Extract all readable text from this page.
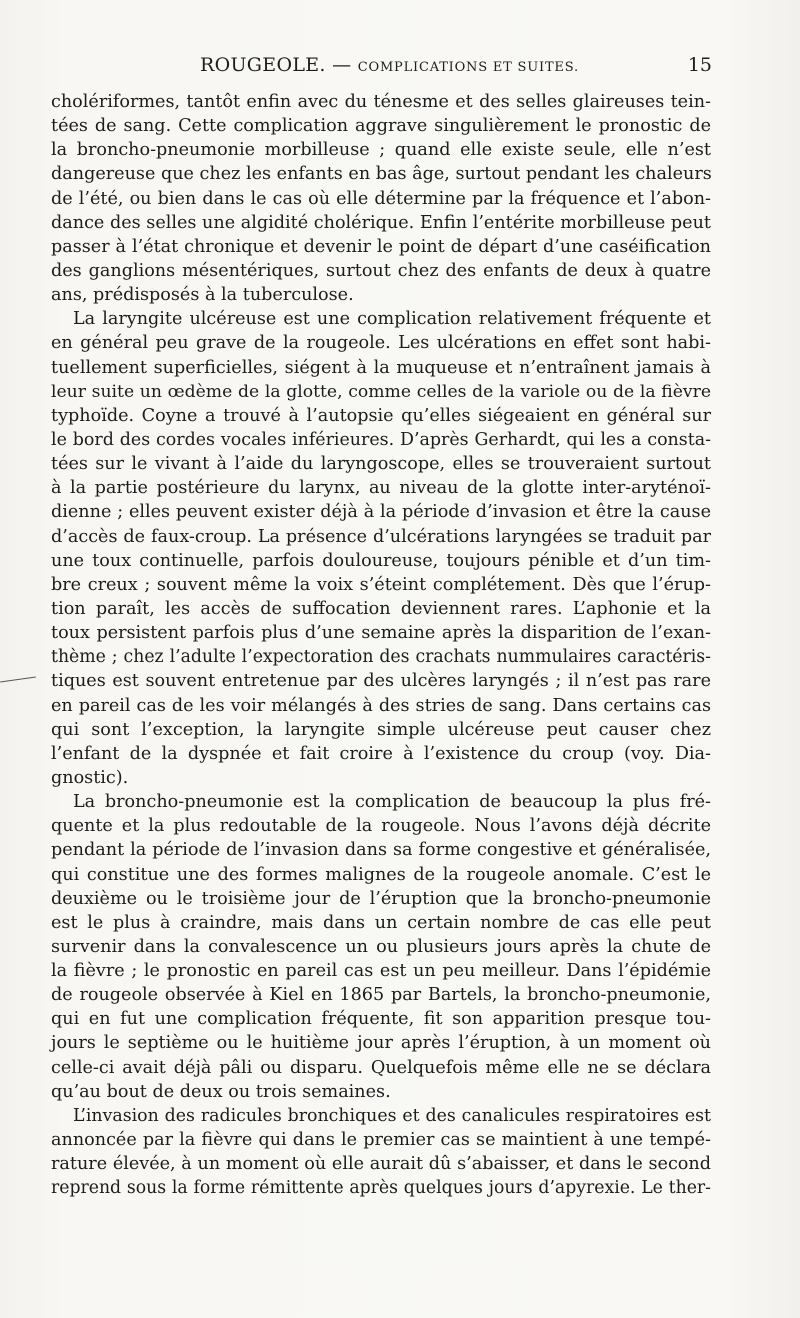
ROUGEOLE. — COMPLICATIONS ET SUITES.	15
cholériformes, tantôt enfin avec du ténesme et des selles glaireuses tein-
tées de sang. Cette complication aggrave singulièrement le pronostic de
la broncho-pneumonie morbilleuse ; quand elle existe seule, elle n’est
dangereuse que chez les enfants en bas âge, surtout pendant les chaleurs
de l’été, ou bien dans le cas où elle détermine par la fréquence et l’abon-
dance des selles une algidité cholérique. Enfin l’entérite morbilleuse peut
passer à l’état chronique et devenir le point de départ d’une caséification
des ganglions mésentériques, surtout chez des enfants de deux à quatre
ans, prédisposés à la tuberculose.
La laryngite ulcéreuse est une complication relativement fréquente et
en général peu grave de la rougeole. Les ulcérations en effet sont habi-
tuellement superficielles, siégent à la muqueuse et n’entraînent jamais à
leur suite un œdème de la glotte, comme celles de la variole ou de la fièvre
typhoïde. Coyne a trouvé à l’autopsie qu’elles siégeaient en général sur
le bord des cordes vocales inférieures. D’après Gerhardt, qui les a consta-
tées sur le vivant à l’aide du laryngoscope, elles se trouveraient surtout
à la partie postérieure du larynx, au niveau de la glotte inter-aryténoï-
dienne ; elles peuvent exister déjà à la période d’invasion et être la cause
d’accès de faux-croup. La présence d’ulcérations laryngées se traduit par
une toux continuelle, parfois douloureuse, toujours pénible et d’un tim-
bre creux ; souvent même la voix s’éteint complétement. Dès que l’érup-
tion paraît, les accès de suffocation deviennent rares. L’aphonie et la
toux persistent parfois plus d’une semaine après la disparition de l’exan-
thème ; chez l’adulte l’expectoration des crachats nummulaires caractéris-
tiques est souvent entretenue par des ulcères laryngés ; il n’est pas rare
en pareil cas de les voir mélangés à des stries de sang. Dans certains cas
qui sont l’exception, la laryngite simple ulcéreuse peut causer chez
l’enfant de la dyspnée et fait croire à l’existence du croup (voy. Dia-
gnostic).
La broncho-pneumonie est la complication de beaucoup la plus fré-
quente et la plus redoutable de la rougeole. Nous l’avons déjà décrite
pendant la période de l’invasion dans sa forme congestive et généralisée,
qui constitue une des formes malignes de la rougeole anomale. C’est le
deuxième ou le troisième jour de l’éruption que la broncho-pneumonie
est le plus à craindre, mais dans un certain nombre de cas elle peut
survenir dans la convalescence un ou plusieurs jours après la chute de
la fièvre ; le pronostic en pareil cas est un peu meilleur. Dans l’épidémie
de rougeole observée à Kiel en 1865 par Bartels, la broncho-pneumonie,
qui en fut une complication fréquente, fit son apparition presque tou-
jours le septième ou le huitième jour après l’éruption, à un moment où
celle-ci avait déjà pâli ou disparu. Quelquefois même elle ne se déclara
qu’au bout de deux ou trois semaines.
L’invasion des radicules bronchiques et des canalicules respiratoires est
annoncée par la fièvre qui dans le premier cas se maintient à une tempé-
rature élevée, à un moment où elle aurait dû s’abaisser, et dans le second
reprend sous la forme rémittente après quelques jours d’apyrexie. Le ther-
